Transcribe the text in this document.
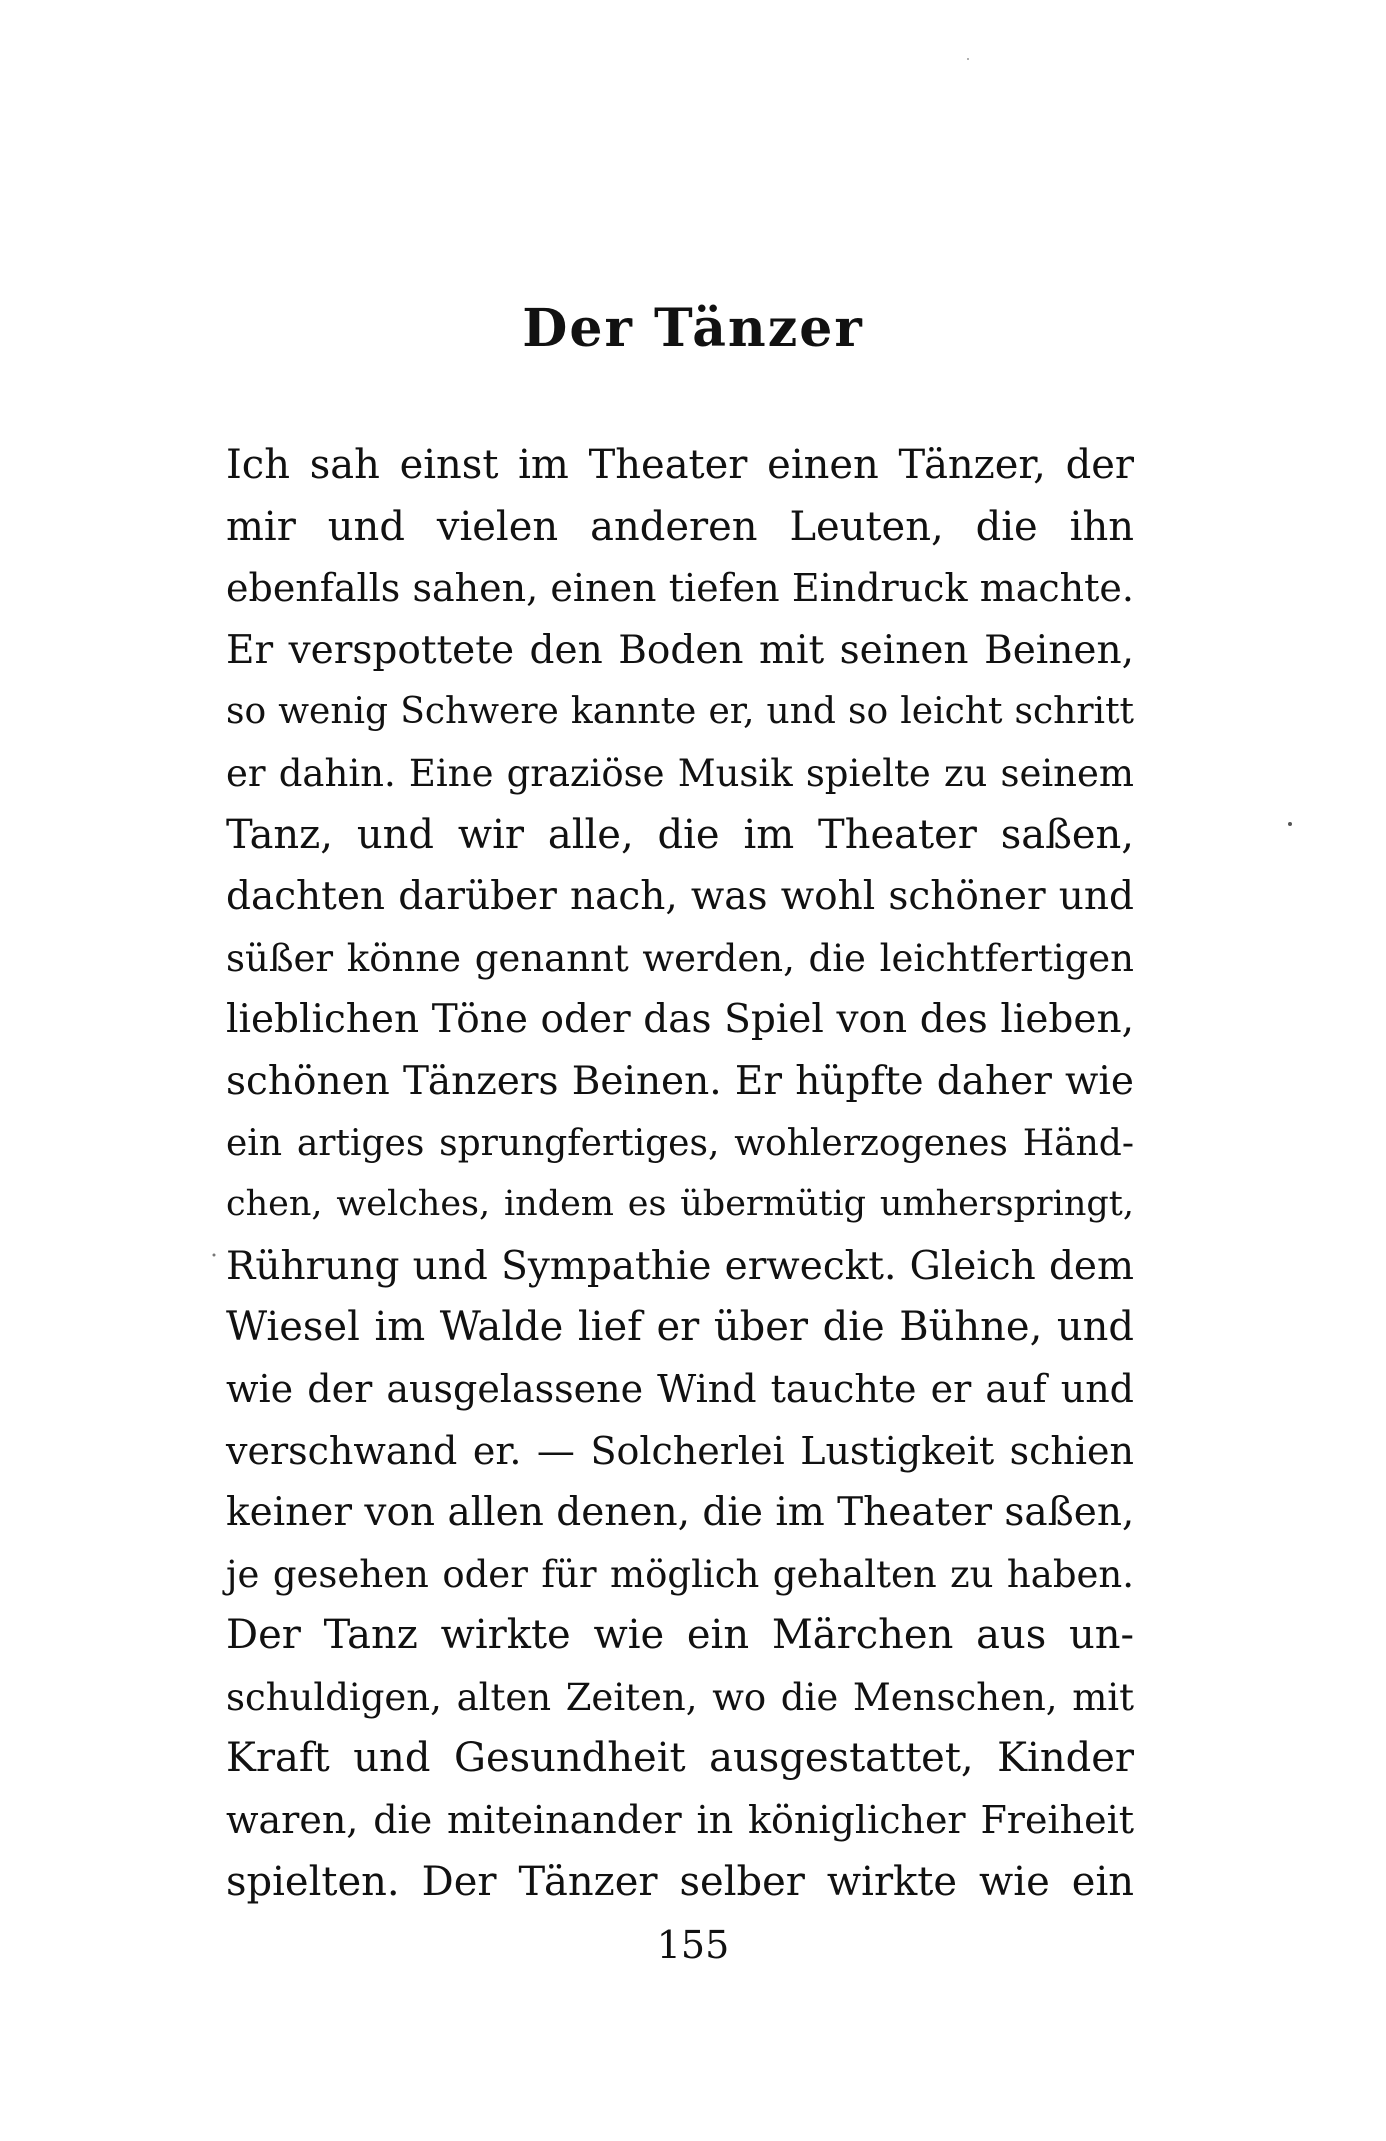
Der Tänzer
Ich sah einst im Theater einen Tänzer, der
mir und vielen anderen Leuten, die ihn
ebenfalls sahen, einen tiefen Eindruck machte.
Er verspottete den Boden mit seinen Beinen,
so wenig Schwere kannte er, und so leicht schritt
er dahin. Eine graziöse Musik spielte zu seinem
Tanz, und wir alle, die im Theater saßen,
dachten darüber nach, was wohl schöner und
süßer könne genannt werden, die leichtfertigen
lieblichen Töne oder das Spiel von des lieben,
schönen Tänzers Beinen. Er hüpfte daher wie
ein artiges sprungfertiges, wohlerzogenes Händ-
chen, welches, indem es übermütig umherspringt,
Rührung und Sympathie erweckt. Gleich dem
Wiesel im Walde lief er über die Bühne, und
wie der ausgelassene Wind tauchte er auf und
verschwand er. — Solcherlei Lustigkeit schien
keiner von allen denen, die im Theater saßen,
je gesehen oder für möglich gehalten zu haben.
Der Tanz wirkte wie ein Märchen aus un-
schuldigen, alten Zeiten, wo die Menschen, mit
Kraft und Gesundheit ausgestattet, Kinder
waren, die miteinander in königlicher Freiheit
spielten. Der Tänzer selber wirkte wie ein
155
